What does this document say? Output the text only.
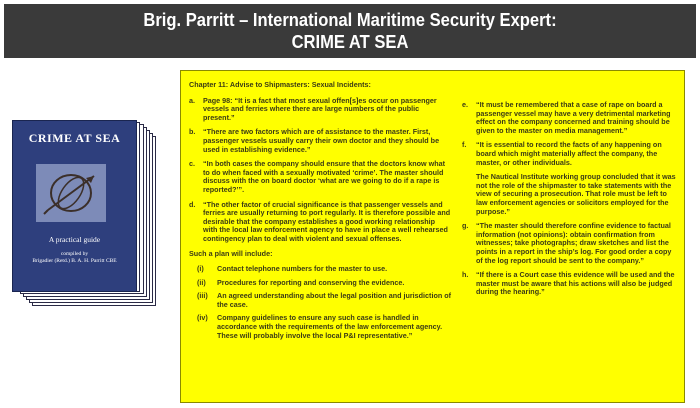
Brig. Parritt – International Maritime Security Expert:
CRIME AT SEA
CRIME AT SEA
A practical guide
compiled by
Brigadier (Retd.) B. A. H. Parritt CBE
Chapter 11: Advise to Shipmasters: Sexual Incidents:
a.	Page 98: “It is a fact that most sexual offen[s]es occur on passenger vessels and ferries where there are large numbers of the public present.”
b.	“There are two factors which are of assistance to the master. First, passenger vessels usually carry their own doctor and they should be used in establishing evidence.”
c.	“In both cases the company should ensure that the doctors know what to do when faced with a sexually motivated ‘crime’. The master should discuss with the on board doctor ‘what are we going to do if a rape is reported?’”.
d.	“The other factor of crucial significance is that passenger vessels and ferries are usually returning to port regularly. It is therefore possible and desirable that the company establishes a good working relationship with the local law enforcement agency to have in place a well rehearsed contingency plan to deal with violent and sexual offenses.
Such a plan will include:
(i)	Contact telephone numbers for the master to use.
(ii)	Procedures for reporting and conserving the evidence.
(iii)	An agreed understanding about the legal position and jurisdiction of the case.
(iv)	Company guidelines to ensure any such case is handled in accordance with the requirements of the law enforcement agency. These will probably involve the local P&I representative.”
e.	“It must be remembered that a case of rape on board a passenger vessel may have a very detrimental marketing effect on the company concerned and training should be given to the master on media management.”
f.	“It is essential to record the facts of any happening on board which might materially affect the company, the master, or other individuals.
The Nautical Institute working group concluded that it was not the role of the shipmaster to take statements with the view of securing a prosecution. That role must be left to law enforcement agencies or solicitors employed for the purpose.”
g.	“The master should therefore confine evidence to factual information (not opinions): obtain confirmation from witnesses; take photographs; draw sketches and list the points in a report in the ship’s log. For good order a copy of the log report should be sent to the company.”
h.	“If there is a Court case this evidence will be used and the master must be aware that his actions will also be judged during the hearing.”
